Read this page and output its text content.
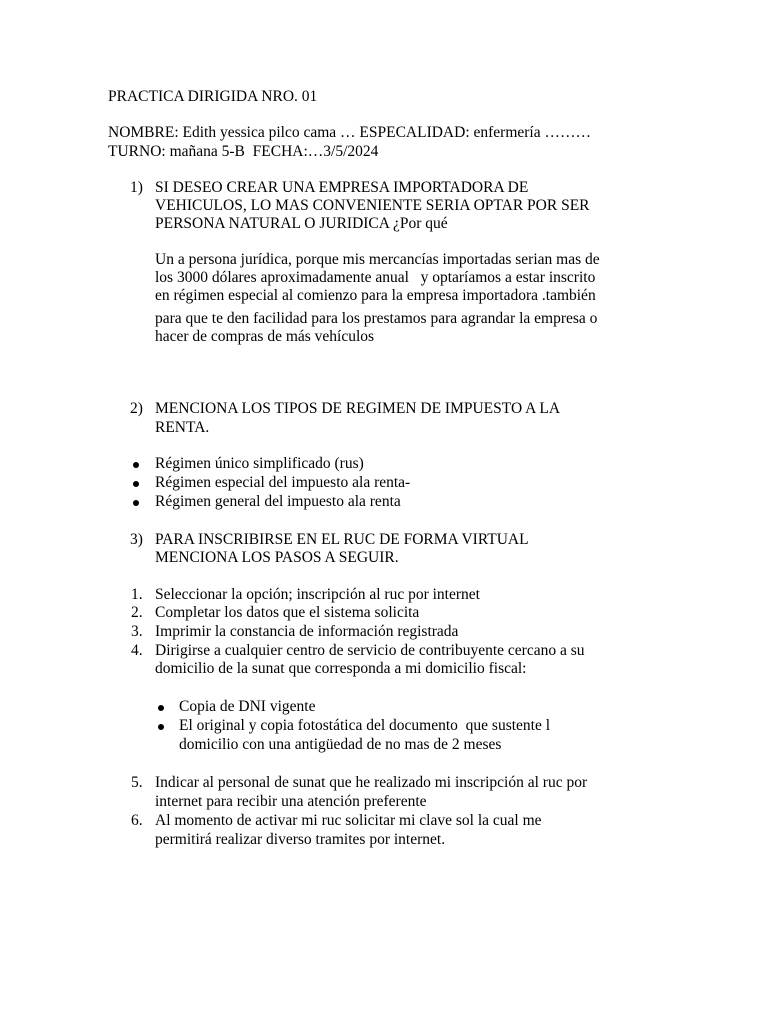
PRACTICA DIRIGIDA NRO. 01
NOMBRE: Edith yessica pilco cama … ESPECALIDAD: enfermería ………
TURNO: mañana 5-B  FECHA:…3/5/2024
1) SI DESEO CREAR UNA EMPRESA IMPORTADORA DE
VEHICULOS, LO MAS CONVENIENTE SERIA OPTAR POR SER
PERSONA NATURAL O JURIDICA ¿Por qué
Un a persona jurídica, porque mis mercancías importadas serian mas de
los 3000 dólares aproximadamente anual   y optaríamos a estar inscrito
en régimen especial al comienzo para la empresa importadora .también
para que te den facilidad para los prestamos para agrandar la empresa o
hacer de compras de más vehículos
2) MENCIONA LOS TIPOS DE REGIMEN DE IMPUESTO A LA
RENTA.
Régimen único simplificado (rus)
Régimen especial del impuesto ala renta-
Régimen general del impuesto ala renta
3) PARA INSCRIBIRSE EN EL RUC DE FORMA VIRTUAL
MENCIONA LOS PASOS A SEGUIR.
1. Seleccionar la opción; inscripción al ruc por internet
2. Completar los datos que el sistema solicita
3. Imprimir la constancia de información registrada
4. Dirigirse a cualquier centro de servicio de contribuyente cercano a su
domicilio de la sunat que corresponda a mi domicilio fiscal:
Copia de DNI vigente
El original y copia fotostática del documento  que sustente l
domicilio con una antigüedad de no mas de 2 meses
5. Indicar al personal de sunat que he realizado mi inscripción al ruc por
internet para recibir una atención preferente
6. Al momento de activar mi ruc solicitar mi clave sol la cual me
permitirá realizar diverso tramites por internet.
